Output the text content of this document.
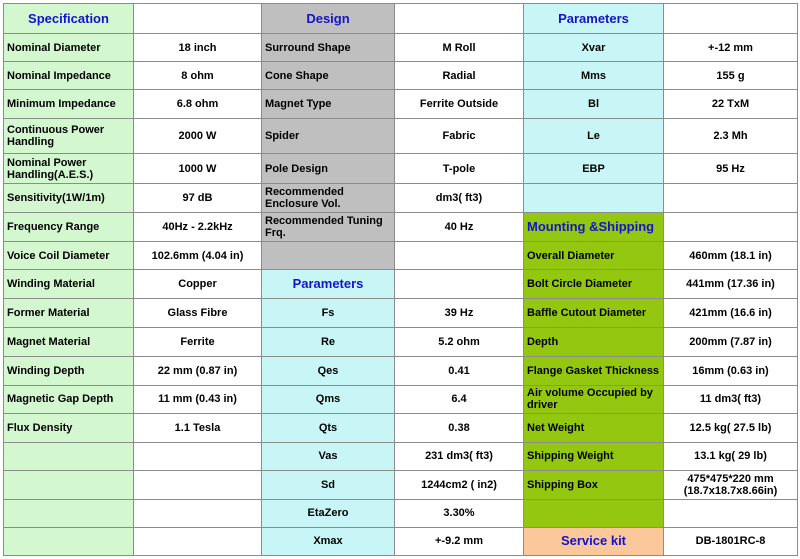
Specification		Design		Parameters	
Nominal Diameter	18 inch	Surround Shape	M Roll	Xvar	+-12 mm
Nominal Impedance	8 ohm	Cone Shape	Radial	Mms	155 g
Minimum Impedance	6.8 ohm	Magnet Type	Ferrite Outside	Bl	22 TxM
Continuous Power Handling	2000 W	Spider	Fabric	Le	2.3 Mh
Nominal Power Handling(A.E.S.)	1000 W	Pole Design	T-pole	EBP	95 Hz
Sensitivity(1W/1m)	97 dB	Recommended Enclosure Vol.	dm3( ft3)		
Frequency Range	40Hz - 2.2kHz	Recommended Tuning Frq.	40 Hz	Mounting &Shipping	
Voice Coil Diameter	102.6mm (4.04 in)			Overall Diameter	460mm (18.1 in)
Winding Material	Copper	Parameters		Bolt Circle Diameter	441mm (17.36 in)
Former Material	Glass Fibre	Fs	39 Hz	Baffle Cutout Diameter	421mm (16.6 in)
Magnet Material	Ferrite	Re	5.2 ohm	Depth	200mm (7.87 in)
Winding Depth	22 mm (0.87 in)	Qes	0.41	Flange Gasket Thickness	16mm (0.63 in)
Magnetic Gap Depth	11 mm (0.43 in)	Qms	6.4	Air volume Occupied by driver	11 dm3( ft3)
Flux Density	1.1 Tesla	Qts	0.38	Net Weight	12.5 kg( 27.5 lb)
		Vas	231 dm3( ft3)	Shipping Weight	13.1 kg( 29 lb)
		Sd	1244cm2 ( in2)	Shipping Box	475*475*220 mm (18.7x18.7x8.66in)
		EtaZero	3.30%		
		Xmax	+-9.2 mm	Service kit	DB-1801RC-8
